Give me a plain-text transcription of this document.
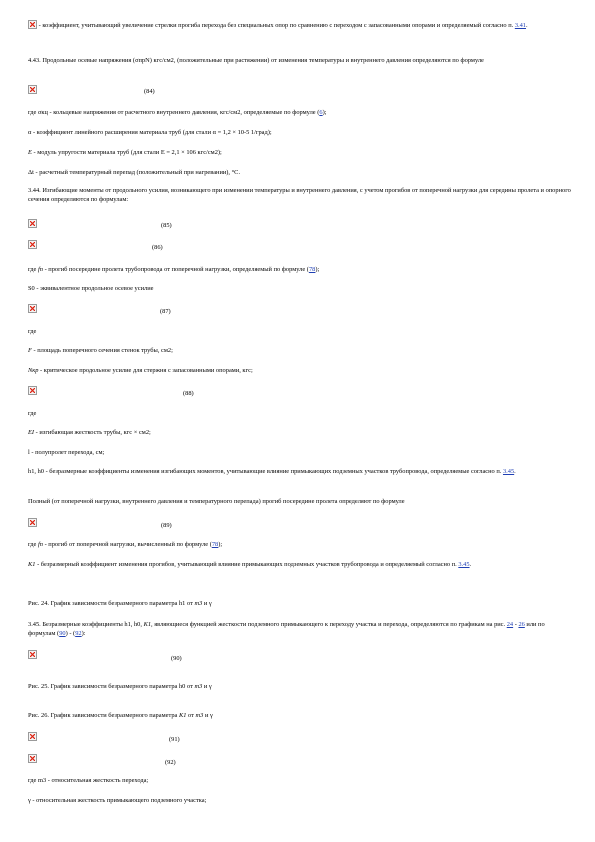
- коэффициент, учитывающий увеличение стрелки прогиба перехода без специальных опор по сравнению с переходом с запасованными опорами и определяемый согласно п. 3.41.
4.43. Продольные осевые напряжения (σпрN) кгс/см2, (положительные при растяжении) от изменения температуры и внутреннего давления определяются по формуле
(84)
где σкц - кольцевые напряжения от расчетного внутреннего давления, кгс/см2, определяемые по формуле (6);
α - коэффициент линейного расширения материала труб (для стали α = 1,2 × 10-5 1/град);
E - модуль упругости материала труб (для стали E = 2,1 × 106 кгс/см2);
Δt - расчетный температурный перепад (положительный при нагревании), °С.
3.44. Изгибающие моменты от продольного усилия, возникающего при изменении температуры и внутреннего давления, с учетом прогибов от поперечной нагрузки для середины пролета и опорного сечения определяются по формулам:
(85)
(86)
где fп - прогиб посередине пролета трубопровода от поперечной нагрузки, определяемый по формуле (78);
S0 - эквивалентное продольное осевое усилие
(87)
где
F - площадь поперечного сечения стенок трубы, см2;
Nкр - критическое продольное усилие для стержня с запасованными опорами, кгс;
(88)
где
EI - изгибающая жесткость трубы, кгс × см2;
l - полупролет перехода, см;
h1, h0 - безразмерные коэффициенты изменения изгибающих моментов, учитывающие влияние примыкающих подземных участков трубопровода, определяемые согласно п. 3.45.
Полный (от поперечной нагрузки, внутреннего давления и температурного перепада) прогиб посередине пролета определяют по формуле
(89)
где fп - прогиб от поперечной нагрузки, вычисленный по формуле (78);
K1 - безразмерный коэффициент изменения прогибов, учитывающий влияние примыкающих подземных участков трубопровода и определяемый согласно п. 3.45.
Рис. 24. График зависимости безразмерного параметра h1 от m3 и γ
3.45. Безразмерные коэффициенты h1, h0, K1, являющиеся функцией жесткости подземного примыкающего к переходу участка и перехода, определяются по графикам на рис. 24 - 26 или по формулам (90) - (92):
(90)
Рис. 25. График зависимости безразмерного параметра h0 от m3 и γ
Рис. 26. График зависимости безразмерного параметра K1 от m3 и γ
(91)
(92)
где m3 - относительная жесткость перехода;
γ - относительная жесткость примыкающего подземного участка;
